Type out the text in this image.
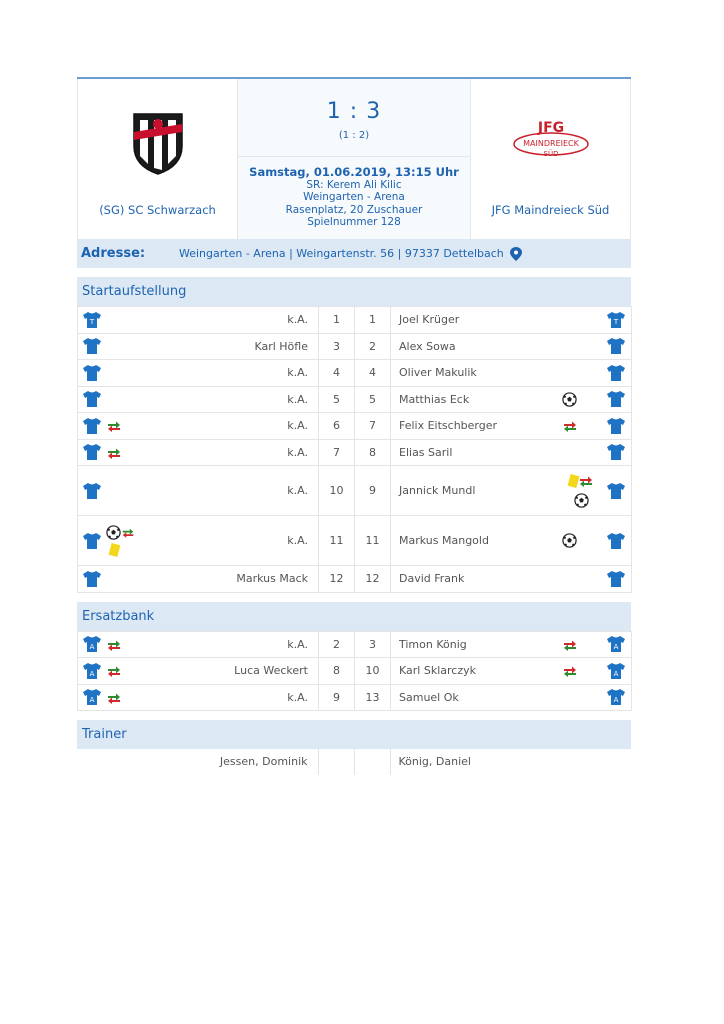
(SG) SC Schwarzach
1 : 3
(1 : 2)
Samstag, 01.06.2019, 13:15 Uhr
SR: Kerem Ali Kilic
Weingarten - Arena
Rasenplatz, 20 Zuschauer
Spielnummer 128
JFG
MAINDREIECK
SÜD
JFG Maindreieck Süd
Adresse:	Weingarten - Arena | Weingartenstr. 56 | 97337 Dettelbach
Startaufstellung
T		k.A.	1	1	Joel Krüger		T

		Karl Höfle	3	2	Alex Sowa		
		k.A.	4	4	Oliver Makulik		
		k.A.	5	5	Matthias Eck		
		k.A.	6	7	Felix Eitschberger		
		k.A.	7	8	Elias Saril		
		k.A.	10	9	Jannick Mundl	

	k.A.	11	11	Markus Mangold		
		Markus Mack	12	12	David Frank		
Ersatzbank
A		k.A.	2	3	Timon König		A

A		Luca Weckert	8	10	Karl Sklarczyk		A

A		k.A.	9	13	Samuel Ok		A
Trainer
		Jessen, Dominik			König, Daniel		
